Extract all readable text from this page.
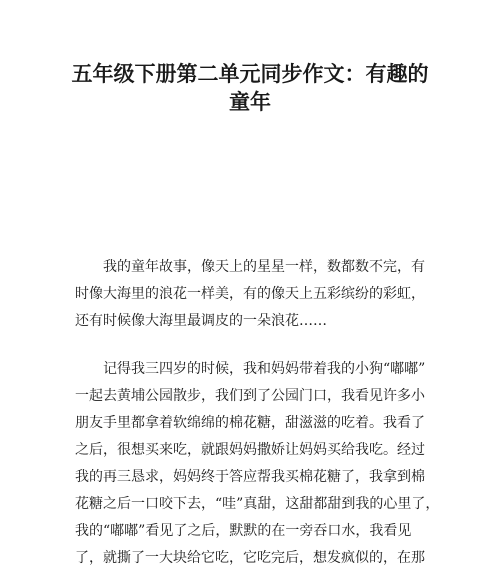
五年级下册第二单元同步作文：有趣的
童年
我的童年故事，像天上的星星一样，数都数不完，有
时像大海里的浪花一样美，有的像天上五彩缤纷的彩虹，
还有时候像大海里最调皮的一朵浪花……
记得我三四岁的时候，我和妈妈带着我的小狗“嘟嘟”
一起去黄埔公园散步，我们到了公园门口，我看见许多小
朋友手里都拿着软绵绵的棉花糖，甜滋滋的吃着。我看了
之后，很想买来吃，就跟妈妈撒娇让妈妈买给我吃。经过
我的再三恳求，妈妈终于答应帮我买棉花糖了，我拿到棉
花糖之后一口咬下去，“哇”真甜，这甜都甜到我的心里了，
我的“嘟嘟”看见了之后，默默的在一旁吞口水，我看见
了，就撕了一大块给它吃，它吃完后，想发疯似的，在那
